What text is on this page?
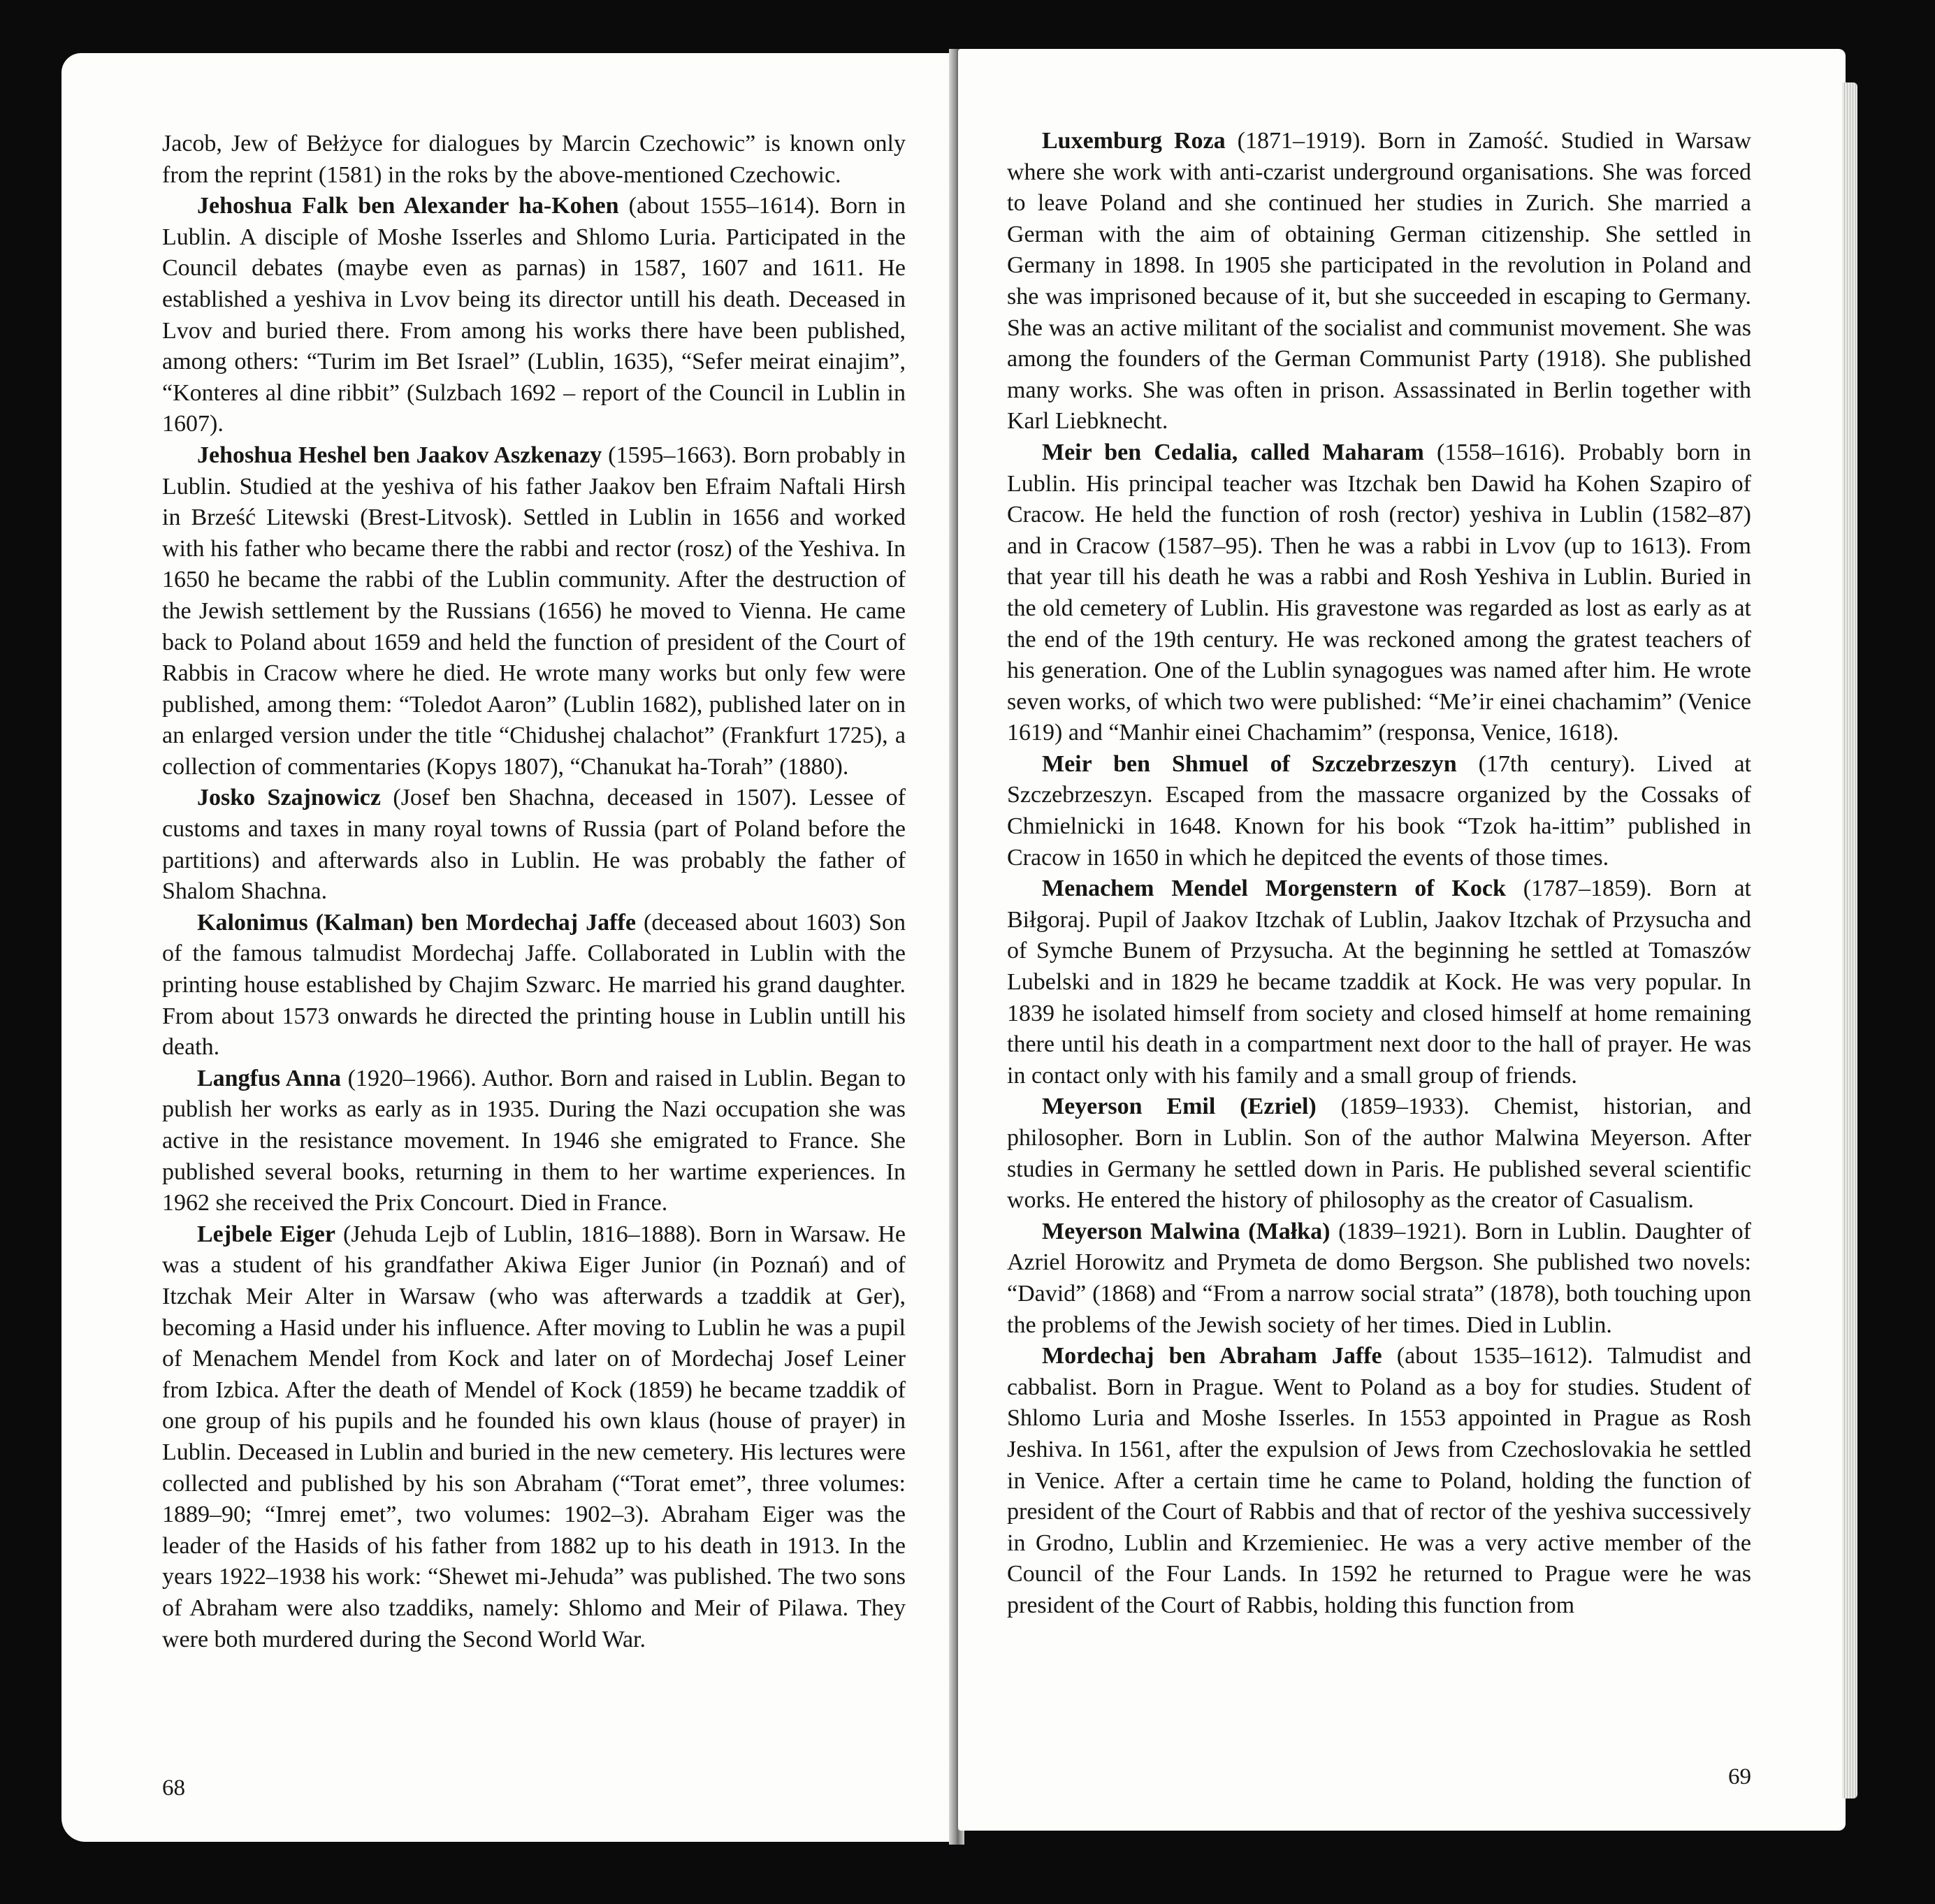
Jacob, Jew of Bełżyce for dialogues by Marcin Czechowic” is known only from the reprint (1581) in the roks by the above-mentioned Czechowic.

Jehoshua Falk ben Alexander ha-Kohen (about 1555–1614). Born in Lublin. A disciple of Moshe Isserles and Shlomo Luria. Participated in the Council debates (maybe even as parnas) in 1587, 1607 and 1611. He established a yeshiva in Lvov being its director untill his death. Deceased in Lvov and buried there. From among his works there have been published, among others: “Turim im Bet Israel” (Lublin, 1635), “Sefer meirat einajim”, “Konteres al dine ribbit” (Sulzbach 1692 – report of the Council in Lublin in 1607).

Jehoshua Heshel ben Jaakov Aszkenazy (1595–1663). Born probably in Lublin. Studied at the yeshiva of his father Jaakov ben Efraim Naftali Hirsh in Brześć Litewski (Brest-Litvosk). Settled in Lublin in 1656 and worked with his father who became there the rabbi and rector (rosz) of the Yeshiva. In 1650 he became the rabbi of the Lublin community. After the destruction of the Jewish settlement by the Russians (1656) he moved to Vienna. He came back to Poland about 1659 and held the function of president of the Court of Rabbis in Cracow where he died. He wrote many works but only few were published, among them: “Toledot Aaron” (Lublin 1682), published later on in an enlarged version under the title “Chidushej chalachot” (Frankfurt 1725), a collection of commentaries (Kopys 1807), “Chanukat ha-Torah” (1880).

Josko Szajnowicz (Josef ben Shachna, deceased in 1507). Lessee of customs and taxes in many royal towns of Russia (part of Poland before the partitions) and afterwards also in Lublin. He was probably the father of Shalom Shachna.

Kalonimus (Kalman) ben Mordechaj Jaffe (deceased about 1603) Son of the famous talmudist Mordechaj Jaffe. Collaborated in Lublin with the printing house established by Chajim Szwarc. He married his grand daughter. From about 1573 onwards he directed the printing house in Lublin untill his death.

Langfus Anna (1920–1966). Author. Born and raised in Lublin. Began to publish her works as early as in 1935. During the Nazi occupation she was active in the resistance movement. In 1946 she emigrated to France. She published several books, returning in them to her wartime experiences. In 1962 she received the Prix Concourt. Died in France.

Lejbele Eiger (Jehuda Lejb of Lublin, 1816–1888). Born in Warsaw. He was a student of his grandfather Akiwa Eiger Junior (in Poznań) and of Itzchak Meir Alter in Warsaw (who was afterwards a tzaddik at Ger), becoming a Hasid under his influence. After moving to Lublin he was a pupil of Menachem Mendel from Kock and later on of Mordechaj Josef Leiner from Izbica. After the death of Mendel of Kock (1859) he became tzaddik of one group of his pupils and he founded his own klaus (house of prayer) in Lublin. Deceased in Lublin and buried in the new cemetery. His lectures were collected and published by his son Abraham (“Torat emet”, three volumes: 1889–90; “Imrej emet”, two volumes: 1902–3). Abraham Eiger was the leader of the Hasids of his father from 1882 up to his death in 1913. In the years 1922–1938 his work: “Shewet mi-Jehuda” was published. The two sons of Abraham were also tzaddiks, namely: Shlomo and Meir of Pilawa. They were both murdered during the Second World War.

68

Luxemburg Roza (1871–1919). Born in Zamość. Studied in Warsaw where she work with anti-czarist underground organisations. She was forced to leave Poland and she continued her studies in Zurich. She married a German with the aim of obtaining German citizenship. She settled in Germany in 1898. In 1905 she participated in the revolution in Poland and she was imprisoned because of it, but she succeeded in escaping to Germany. She was an active militant of the socialist and communist movement. She was among the founders of the German Communist Party (1918). She published many works. She was often in prison. Assassinated in Berlin together with Karl Liebknecht.

Meir ben Cedalia, called Maharam (1558–1616). Probably born in Lublin. His principal teacher was Itzchak ben Dawid ha Kohen Szapiro of Cracow. He held the function of rosh (rector) yeshiva in Lublin (1582–87) and in Cracow (1587–95). Then he was a rabbi in Lvov (up to 1613). From that year till his death he was a rabbi and Rosh Yeshiva in Lublin. Buried in the old cemetery of Lublin. His gravestone was regarded as lost as early as at the end of the 19th century. He was reckoned among the gratest teachers of his generation. One of the Lublin synagogues was named after him. He wrote seven works, of which two were published: “Me’ir einei chachamim” (Venice 1619) and “Manhir einei Chachamim” (responsa, Venice, 1618).

Meir ben Shmuel of Szczebrzeszyn (17th century). Lived at Szczebrzeszyn. Escaped from the massacre organized by the Cossaks of Chmielnicki in 1648. Known for his book “Tzok ha-ittim” published in Cracow in 1650 in which he depitced the events of those times.

Menachem Mendel Morgenstern of Kock (1787–1859). Born at Biłgoraj. Pupil of Jaakov Itzchak of Lublin, Jaakov Itzchak of Przysucha and of Symche Bunem of Przysucha. At the beginning he settled at Tomaszów Lubelski and in 1829 he became tzaddik at Kock. He was very popular. In 1839 he isolated himself from society and closed himself at home remaining there until his death in a compartment next door to the hall of prayer. He was in contact only with his family and a small group of friends.

Meyerson Emil (Ezriel) (1859–1933). Chemist, historian, and philosopher. Born in Lublin. Son of the author Malwina Meyerson. After studies in Germany he settled down in Paris. He published several scientific works. He entered the history of philosophy as the creator of Casualism.

Meyerson Malwina (Małka) (1839–1921). Born in Lublin. Daughter of Azriel Horowitz and Prymeta de domo Bergson. She published two novels: “David” (1868) and “From a narrow social strata” (1878), both touching upon the problems of the Jewish society of her times. Died in Lublin.

Mordechaj ben Abraham Jaffe (about 1535–1612). Talmudist and cabbalist. Born in Prague. Went to Poland as a boy for studies. Student of Shlomo Luria and Moshe Isserles. In 1553 appointed in Prague as Rosh Jeshiva. In 1561, after the expulsion of Jews from Czechoslovakia he settled in Venice. After a certain time he came to Poland, holding the function of president of the Court of Rabbis and that of rector of the yeshiva successively in Grodno, Lublin and Krzemieniec. He was a very active member of the Council of the Four Lands. In 1592 he returned to Prague were he was president of the Court of Rabbis, holding this function from

69
